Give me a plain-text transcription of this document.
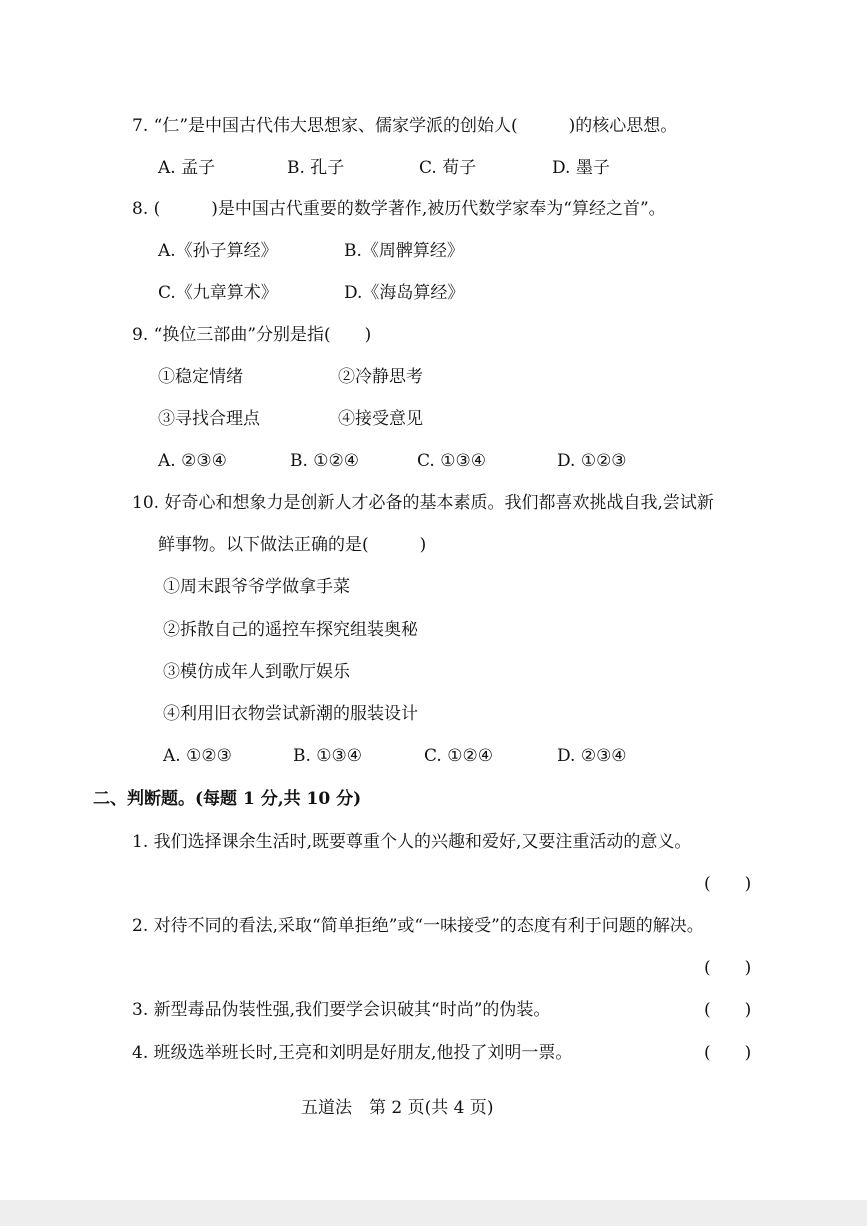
7. “仁”是中国古代伟大思想家、儒家学派的创始人(　　　)的核心思想。
A. 孟子	B. 孔子	C. 荀子	D. 墨子
8. (　　　)是中国古代重要的数学著作,被历代数学家奉为“算经之首”。
A.《孙子算经》	B.《周髀算经》
C.《九章算术》	D.《海岛算经》
9. “换位三部曲”分别是指(　　)
①稳定情绪	②冷静思考
③寻找合理点	④接受意见
A. ②③④	B. ①②④	C. ①③④	D. ①②③
10. 好奇心和想象力是创新人才必备的基本素质。我们都喜欢挑战自我,尝试新
鲜事物。以下做法正确的是(　　　)
①周末跟爷爷学做拿手菜
②拆散自己的遥控车探究组装奥秘
③模仿成年人到歌厅娱乐
④利用旧衣物尝试新潮的服装设计
A. ①②③	B. ①③④	C. ①②④	D. ②③④
二、判断题。(每题 1 分,共 10 分)
1. 我们选择课余生活时,既要尊重个人的兴趣和爱好,又要注重活动的意义。
(　　)
2. 对待不同的看法,采取“简单拒绝”或“一味接受”的态度有利于问题的解决。
(　　)
3. 新型毒品伪装性强,我们要学会识破其“时尚”的伪装。	(　　)
4. 班级选举班长时,王亮和刘明是好朋友,他投了刘明一票。	(　　)
五道法　第 2 页(共 4 页)
